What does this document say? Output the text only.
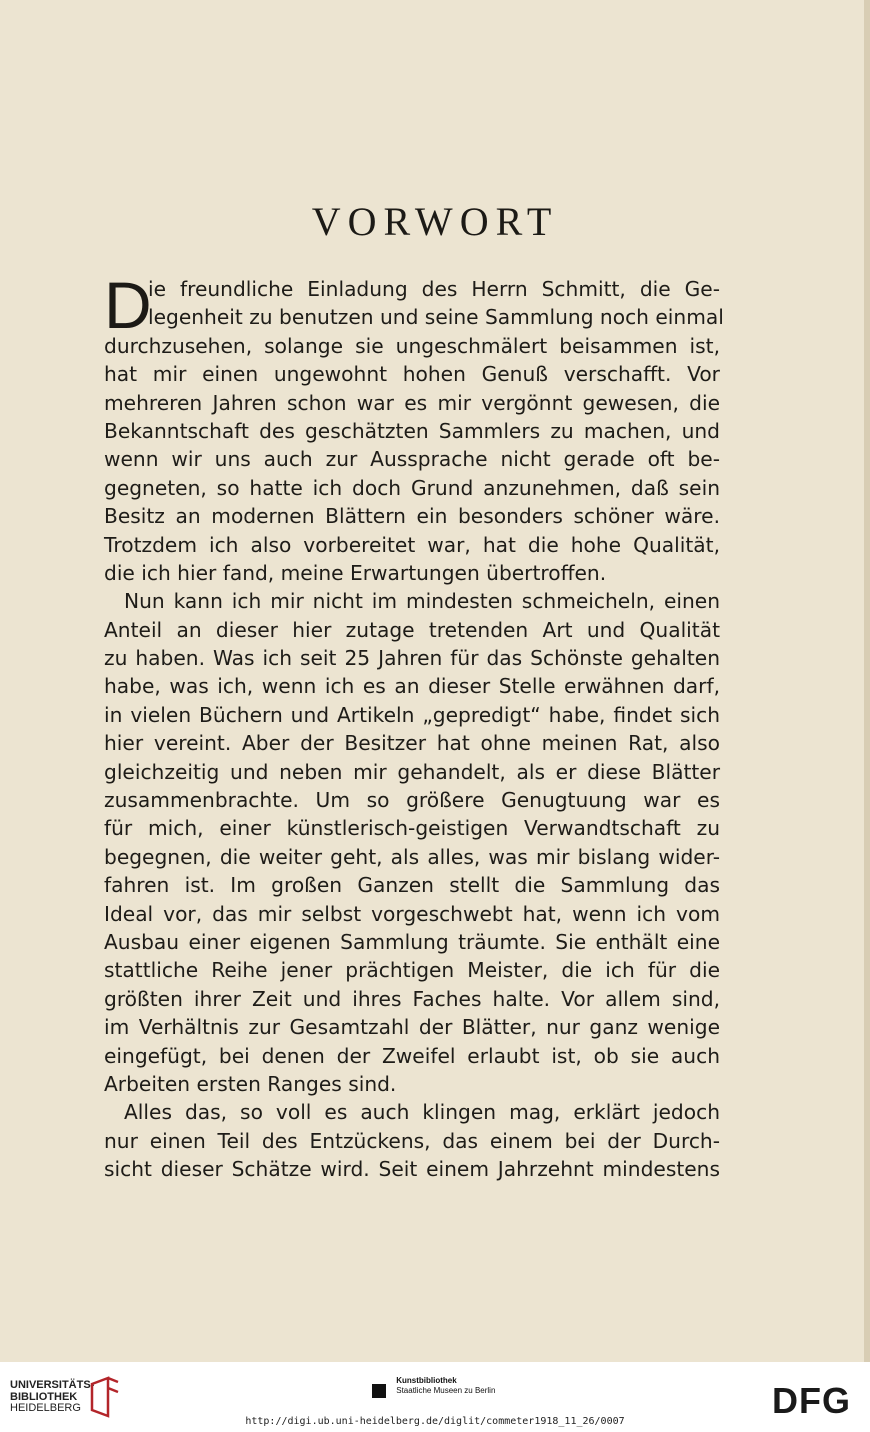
VORWORT
D
ie freundliche Einladung des Herrn Schmitt, die Ge-
legenheit zu benutzen und seine Sammlung noch einmal
durchzusehen, solange sie ungeschmälert beisammen ist,
hat mir einen ungewohnt hohen Genuß verschafft. Vor
mehreren Jahren schon war es mir vergönnt gewesen, die
Bekanntschaft des geschätzten Sammlers zu machen, und
wenn wir uns auch zur Aussprache nicht gerade oft be-
gegneten, so hatte ich doch Grund anzunehmen, daß sein
Besitz an modernen Blättern ein besonders schöner wäre.
Trotzdem ich also vorbereitet war, hat die hohe Qualität,
die ich hier fand, meine Erwartungen übertroffen.
Nun kann ich mir nicht im mindesten schmeicheln, einen
Anteil an dieser hier zutage tretenden Art und Qualität
zu haben. Was ich seit 25 Jahren für das Schönste gehalten
habe, was ich, wenn ich es an dieser Stelle erwähnen darf,
in vielen Büchern und Artikeln „gepredigt“ habe, findet sich
hier vereint. Aber der Besitzer hat ohne meinen Rat, also
gleichzeitig und neben mir gehandelt, als er diese Blätter
zusammenbrachte. Um so größere Genugtuung war es
für mich, einer künstlerisch-geistigen Verwandtschaft zu
begegnen, die weiter geht, als alles, was mir bislang wider-
fahren ist. Im großen Ganzen stellt die Sammlung das
Ideal vor, das mir selbst vorgeschwebt hat, wenn ich vom
Ausbau einer eigenen Sammlung träumte. Sie enthält eine
stattliche Reihe jener prächtigen Meister, die ich für die
größten ihrer Zeit und ihres Faches halte. Vor allem sind,
im Verhältnis zur Gesamtzahl der Blätter, nur ganz wenige
eingefügt, bei denen der Zweifel erlaubt ist, ob sie auch
Arbeiten ersten Ranges sind.
Alles das, so voll es auch klingen mag, erklärt jedoch
nur einen Teil des Entzückens, das einem bei der Durch-
sicht dieser Schätze wird. Seit einem Jahrzehnt mindestens
UNIVERSITÄTS-
BIBLIOTHEK
HEIDELBERG

Kunstbibliothek
Staatliche Museen zu Berlin	DFG
http://digi.ub.uni-heidelberg.de/diglit/commeter1918_11_26/0007
